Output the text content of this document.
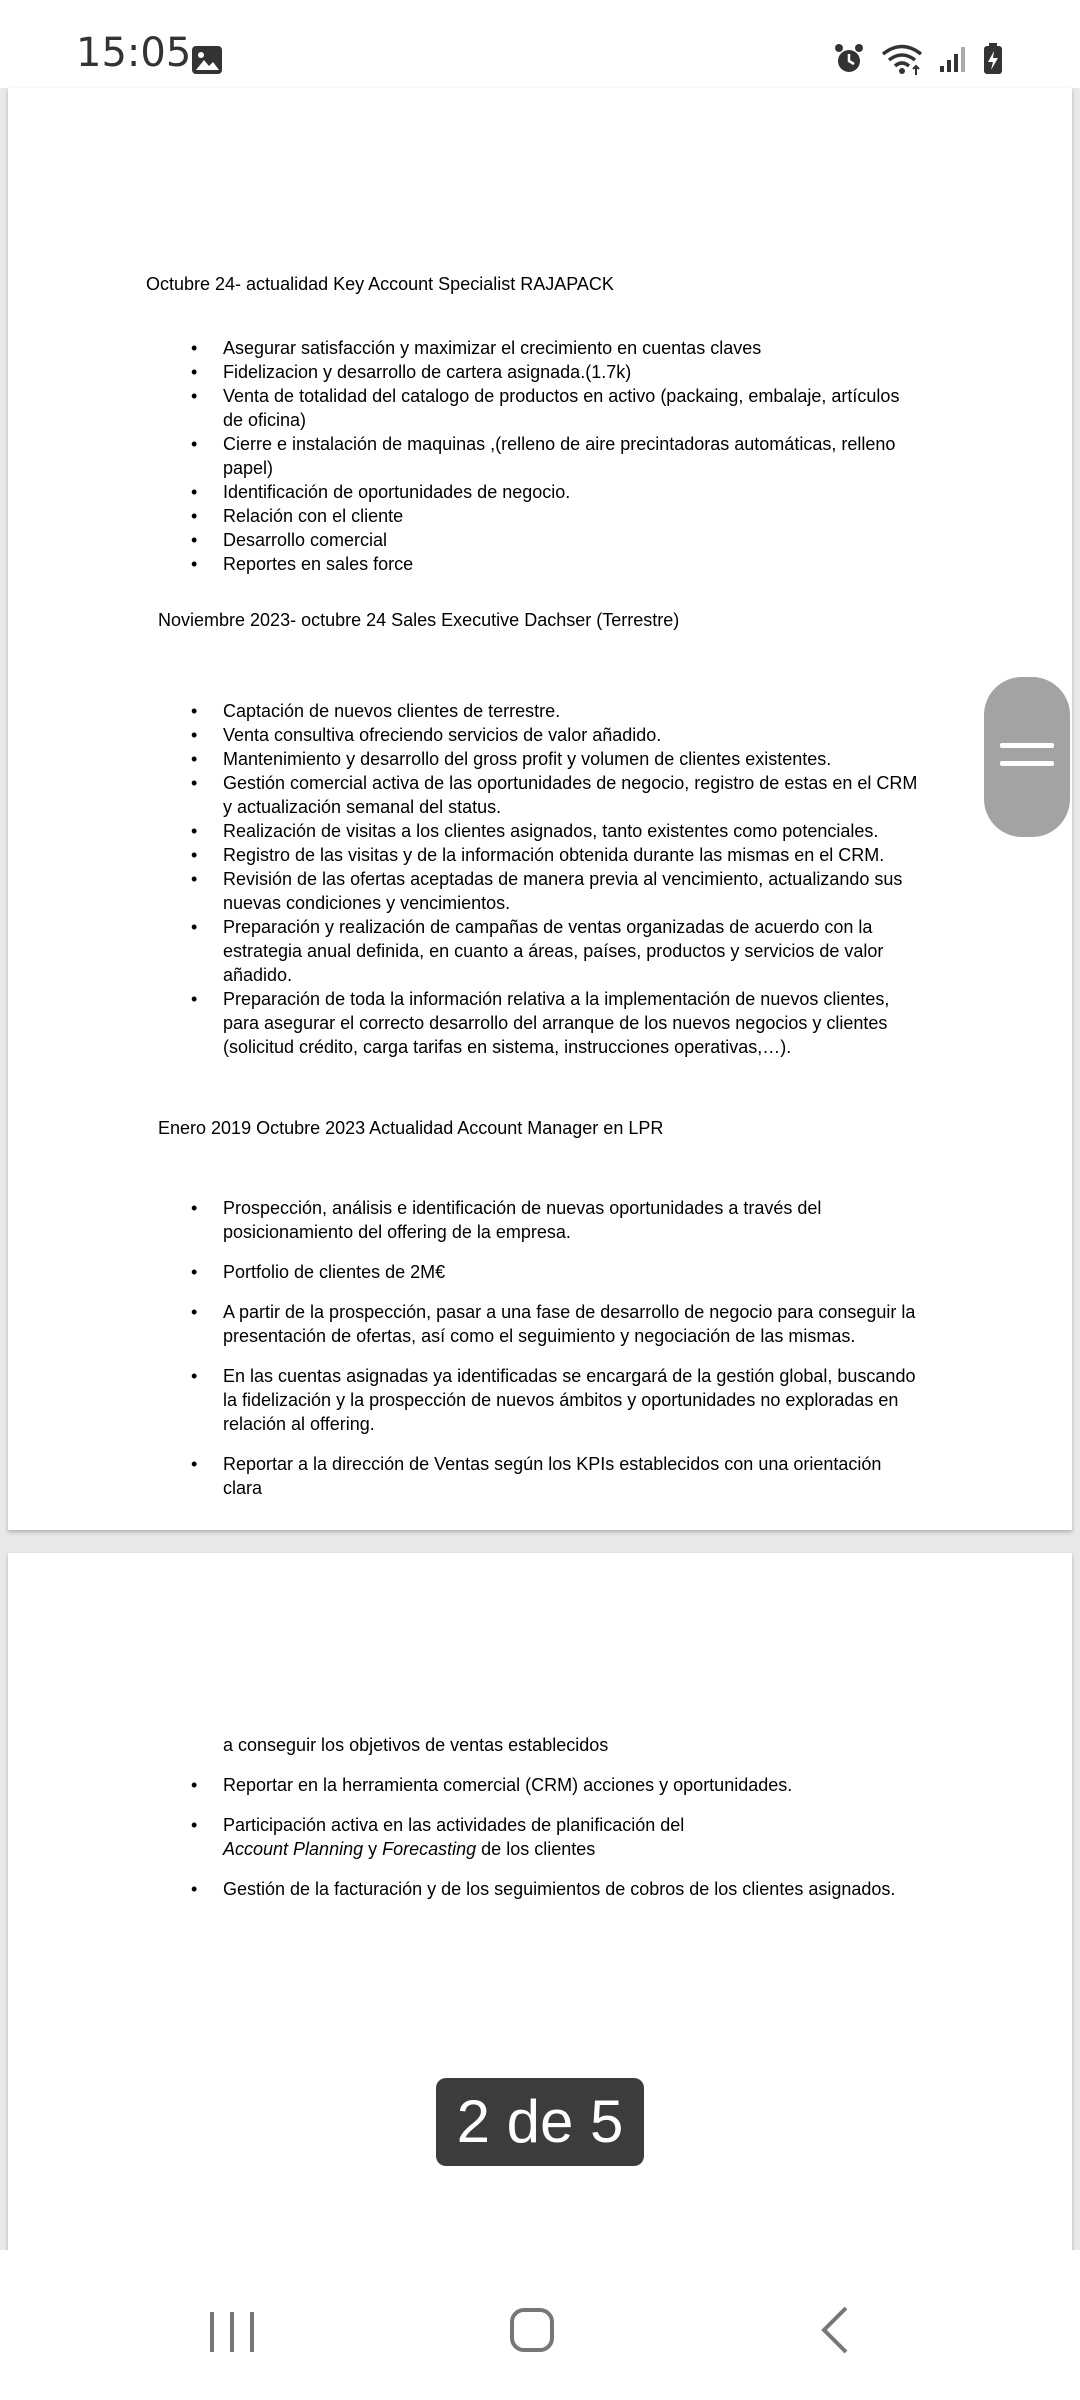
15:05
Octubre 24- actualidad Key Account Specialist RAJAPACK
• Asegurar satisfacción y maximizar el crecimiento en cuentas claves
• Fidelizacion y desarrollo de cartera asignada.(1.7k)
• Venta de totalidad del catalogo de productos en activo (packaing, embalaje, artículos de oficina)
• Cierre e instalación de maquinas ,(relleno de aire precintadoras automáticas, relleno papel)
• Identificación de oportunidades de negocio.
• Relación con el cliente
• Desarrollo comercial
• Reportes en sales force
Noviembre 2023- octubre 24 Sales Executive Dachser (Terrestre)
• Captación de nuevos clientes de terrestre.
• Venta consultiva ofreciendo servicios de valor añadido.
• Mantenimiento y desarrollo del gross profit y volumen de clientes existentes.
• Gestión comercial activa de las oportunidades de negocio, registro de estas en el CRM y actualización semanal del status.
• Realización de visitas a los clientes asignados, tanto existentes como potenciales.
• Registro de las visitas y de la información obtenida durante las mismas en el CRM.
• Revisión de las ofertas aceptadas de manera previa al vencimiento, actualizando sus nuevas condiciones y vencimientos.
• Preparación y realización de campañas de ventas organizadas de acuerdo con la estrategia anual definida, en cuanto a áreas, países, productos y servicios de valor añadido.
• Preparación de toda la información relativa a la implementación de nuevos clientes, para asegurar el correcto desarrollo del arranque de los nuevos negocios y clientes (solicitud crédito, carga tarifas en sistema, instrucciones operativas,…).
Enero 2019 Octubre 2023 Actualidad Account Manager en LPR
• Prospección, análisis e identificación de nuevas oportunidades a través del posicionamiento del offering de la empresa.
• Portfolio de clientes de 2M€
• A partir de la prospección, pasar a una fase de desarrollo de negocio para conseguir la presentación de ofertas, así como el seguimiento y negociación de las mismas.
• En las cuentas asignadas ya identificadas se encargará de la gestión global, buscando la fidelización y la prospección de nuevos ámbitos y oportunidades no exploradas en relación al offering.
• Reportar a la dirección de Ventas según los KPIs establecidos con una orientación clara
a conseguir los objetivos de ventas establecidos
• Reportar en la herramienta comercial (CRM) acciones y oportunidades.
• Participación activa en las actividades de planificación del
Account Planning y Forecasting de los clientes
• Gestión de la facturación y de los seguimientos de cobros de los clientes asignados.
2 de 5
